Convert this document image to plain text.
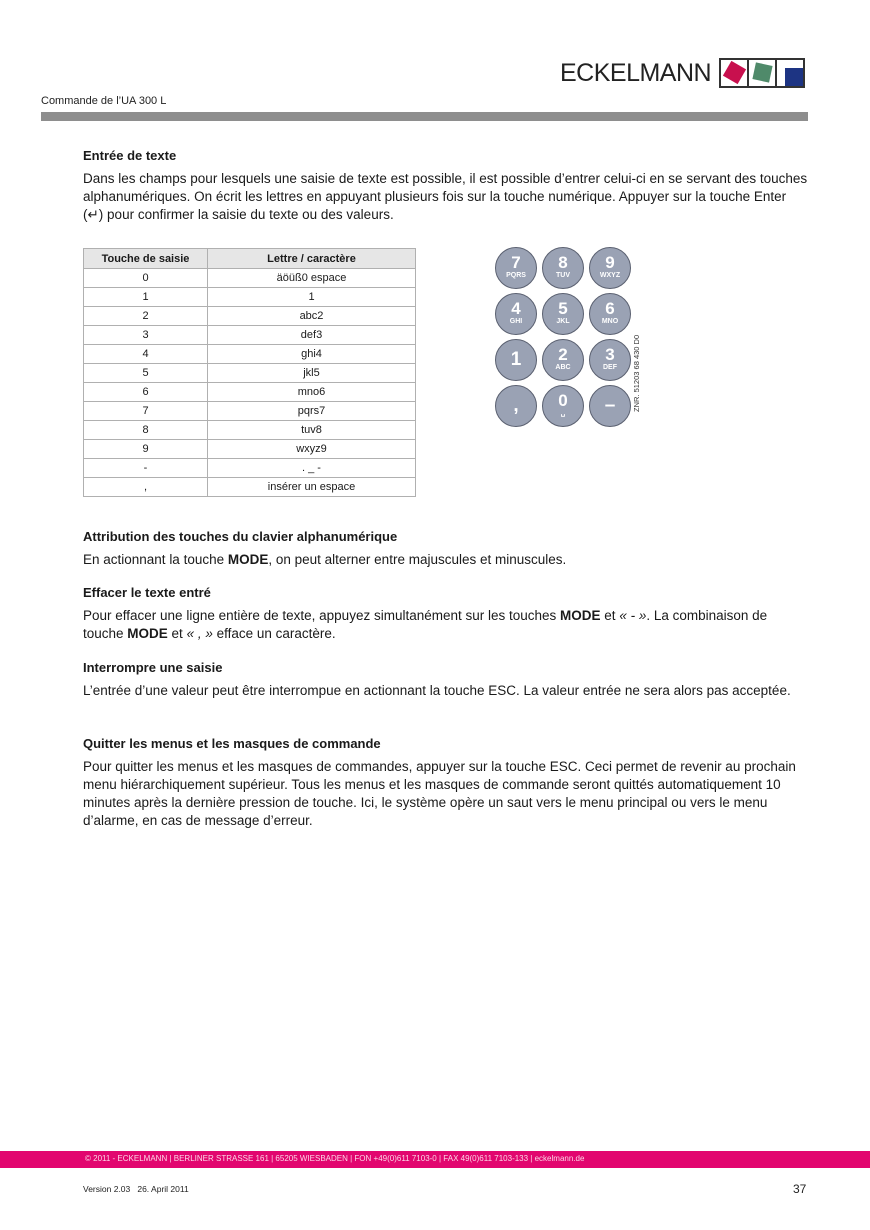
ECKELMANN
Commande de l’UA 300 L
Entrée de texte

Dans les champs pour lesquels une saisie de texte est possible, il est possible d’entrer celui-ci en se servant des touches alphanumériques. On écrit les lettres en appuyant plusieurs fois sur la touche numérique. Appuyer sur la touche Enter (↵) pour confirmer la saisie du texte ou des valeurs.

Touche de saisie	Lettre / caractère
0	äöüß0 espace
1	1
2	abc2
3	def3
4	ghi4
5	jkl5
6	mno6
7	pqrs7
8	tuv8
9	wxyz9
-	. _ -
,	insérer un espace
7
PQRS
8
TUV
9
WXYZ
4
GHI
5
JKL
6
MNO
1	2
ABC
3
DEF
,	0
␣	–	ZNR. 51203 68 430 D0
Attribution des touches du clavier alphanumérique

En actionnant la touche MODE, on peut alterner entre majuscules et minuscules.

Effacer le texte entré

Pour effacer une ligne entière de texte, appuyez simultanément sur les touches MODE et « - ». La combinaison de touche MODE et « , » efface un caractère.

Interrompre une saisie

L’entrée d’une valeur peut être interrompue en actionnant la touche ESC. La valeur entrée ne sera alors pas acceptée.

Quitter les menus et les masques de commande

Pour quitter les menus et les masques de commandes, appuyer sur la touche ESC. Ceci permet de revenir au prochain menu hiérarchiquement supérieur. Tous les menus et les masques de commande seront quittés automatiquement 10 minutes après la dernière pression de touche. Ici, le système opère un saut vers le menu principal ou vers le menu d’alarme, en cas de message d’erreur.

© 2011 - ECKELMANN | BERLINER STRASSE 161 | 65205 WIESBADEN | FON +49(0)611 7103-0 | FAX 49(0)611 7103-133 | eckelmann.de
Version 2.03   26. April 2011	37
